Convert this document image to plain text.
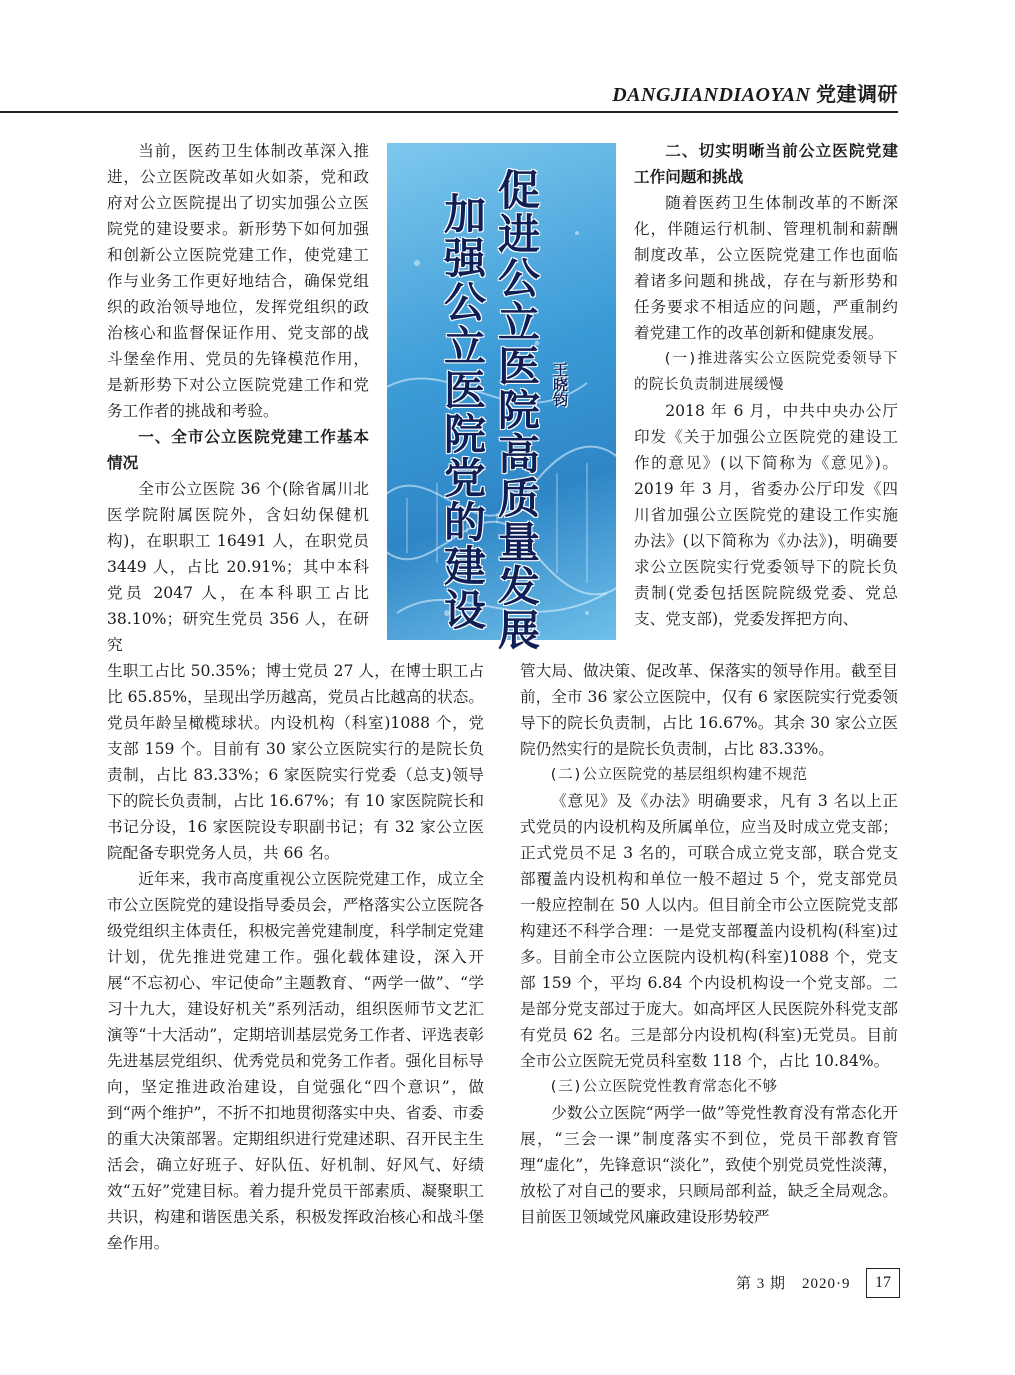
DANGJIANDIAOYAN 党建调研

当前，医药卫生体制改革深入推进，公立医院改革如火如荼，党和政府对公立医院提出了切实加强公立医院党的建设要求。新形势下如何加强和创新公立医院党建工作，使党建工作与业务工作更好地结合，确保党组织的政治领导地位，发挥党组织的政治核心和监督保证作用、党支部的战斗堡垒作用、党员的先锋模范作用，是新形势下对公立医院党建工作和党务工作者的挑战和考验。

一、全市公立医院党建工作基本情况

全市公立医院 36 个(除省属川北医学院附属医院外，含妇幼保健机构)，在职职工 16491 人，在职党员 3449 人，占比 20.91%；其中本科党员 2047 人，在本科职工占比 38.10%；研究生党员 356 人，在研究

生职工占比 50.35%；博士党员 27 人，在博士职工占比 65.85%，呈现出学历越高，党员占比越高的状态。党员年龄呈橄榄球状。内设机构（科室)1088 个，党支部 159 个。目前有 30 家公立医院实行的是院长负责制，占比 83.33%；6 家医院实行党委（总支)领导下的院长负责制，占比 16.67%；有 10 家医院院长和书记分设，16 家医院设专职副书记；有 32 家公立医院配备专职党务人员，共 66 名。

近年来，我市高度重视公立医院党建工作，成立全市公立医院党的建设指导委员会，严格落实公立医院各级党组织主体责任，积极完善党建制度，科学制定党建计划，优先推进党建工作。强化载体建设，深入开展“不忘初心、牢记使命”主题教育、“两学一做”、“学习十九大，建设好机关”系列活动，组织医师节文艺汇演等“十大活动”，定期培训基层党务工作者、评选表彰先进基层党组织、优秀党员和党务工作者。强化目标导向，坚定推进政治建设，自觉强化“四个意识”，做到“两个维护”，不折不扣地贯彻落实中央、省委、市委的重大决策部署。定期组织进行党建述职、召开民主生活会，确立好班子、好队伍、好机制、好风气、好绩效“五好”党建目标。着力提升党员干部素质、凝聚职工共识，构建和谐医患关系，积极发挥政治核心和战斗堡垒作用。

促进公立医院高质量发展
加强公立医院党的建设	王晓钧
二、切实明晰当前公立医院党建工作问题和挑战

随着医药卫生体制改革的不断深化，伴随运行机制、管理机制和薪酬制度改革，公立医院党建工作也面临着诸多问题和挑战，存在与新形势和任务要求不相适应的问题，严重制约着党建工作的改革创新和健康发展。

(一)推进落实公立医院党委领导下的院长负责制进展缓慢

2018 年 6 月，中共中央办公厅印发《关于加强公立医院党的建设工作的意见》(以下简称为《意见》)。2019 年 3 月，省委办公厅印发《四川省加强公立医院党的建设工作实施办法》(以下简称为《办法》)，明确要求公立医院实行党委领导下的院长负责制(党委包括医院院级党委、党总支、党支部)，党委发挥把方向、

管大局、做决策、促改革、保落实的领导作用。截至目前，全市 36 家公立医院中，仅有 6 家医院实行党委领导下的院长负责制，占比 16.67%。其余 30 家公立医院仍然实行的是院长负责制，占比 83.33%。

(二)公立医院党的基层组织构建不规范

《意见》及《办法》明确要求，凡有 3 名以上正式党员的内设机构及所属单位，应当及时成立党支部；正式党员不足 3 名的，可联合成立党支部，联合党支部覆盖内设机构和单位一般不超过 5 个，党支部党员一般应控制在 50 人以内。但目前全市公立医院党支部构建还不科学合理：一是党支部覆盖内设机构(科室)过多。目前全市公立医院内设机构(科室)1088 个，党支部 159 个，平均 6.84 个内设机构设一个党支部。二是部分党支部过于庞大。如高坪区人民医院外科党支部有党员 62 名。三是部分内设机构(科室)无党员。目前全市公立医院无党员科室数 118 个，占比 10.84%。

(三)公立医院党性教育常态化不够

少数公立医院“两学一做”等党性教育没有常态化开展，“三会一课”制度落实不到位，党员干部教育管理“虚化”，先锋意识“淡化”，致使个别党员党性淡薄，放松了对自己的要求，只顾局部利益，缺乏全局观念。目前医卫领域党风廉政建设形势较严

第 3 期　2020·9	17
